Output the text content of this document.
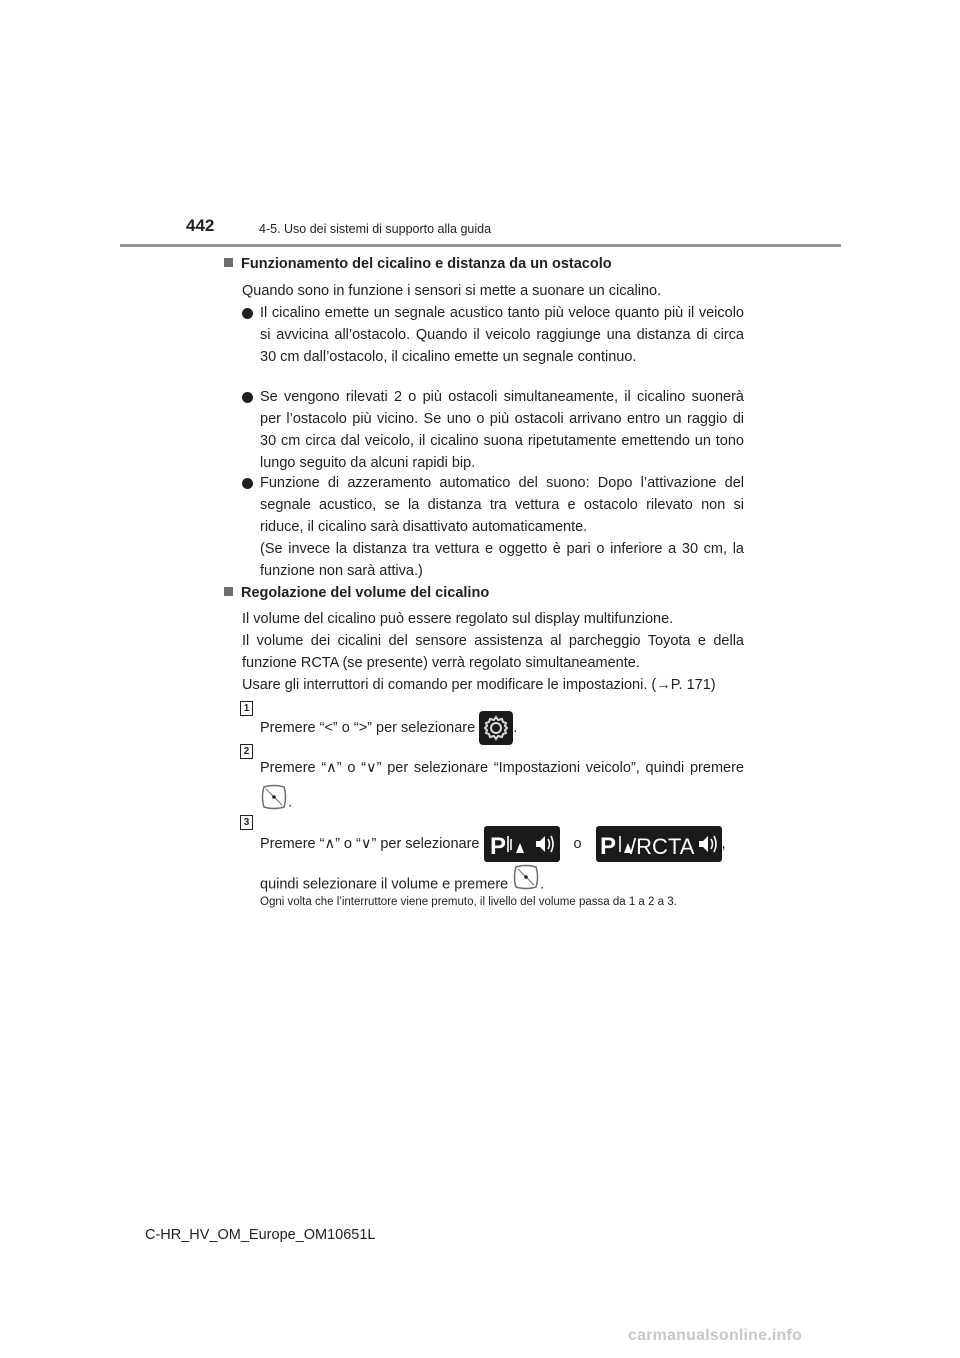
442	4-5. Uso dei sistemi di supporto alla guida
Funzionamento del cicalino e distanza da un ostacolo

Quando sono in funzione i sensori si mette a suonare un cicalino.

Il cicalino emette un segnale acustico tanto più veloce quanto più il veicolo si avvicina all’ostacolo. Quando il veicolo raggiunge una distanza di circa 30 cm dall’ostacolo, il cicalino emette un segnale continuo.
Se vengono rilevati 2 o più ostacoli simultaneamente, il cicalino suonerà per l’ostacolo più vicino. Se uno o più ostacoli arrivano entro un raggio di 30 cm circa dal veicolo, il cicalino suona ripetutamente emettendo un tono lungo seguito da alcuni rapidi bip.
Funzione di azzeramento automatico del suono: Dopo l’attivazione del segnale acustico, se la distanza tra vettura e ostacolo rilevato non si riduce, il cicalino sarà disattivato automaticamente.
(Se invece la distanza tra vettura e oggetto è pari o inferiore a 30 cm, la funzione non sarà attiva.)
Regolazione del volume del cicalino

Il volume del cicalino può essere regolato sul display multifunzione.

Il volume dei cicalini del sensore assistenza al parcheggio Toyota e della funzione RCTA (se presente) verrà regolato simultaneamente.

Usare gli interruttori di comando per modificare le impostazioni. (→P. 171)

1
Premere “<” o “>” per selezionare	.
2
Premere “∧” o “∨” per selezionare “Impostazioni veicolo”, quindi premere .
3
Premere “∧” o “∨” per selezionare P	o P /RCTA ,
quindi selezionare il volume e premere .

Ogni volta che l’interruttore viene premuto, il livello del volume passa da 1 a 2 a 3.

C-HR_HV_OM_Europe_OM10651L
carmanualsonline.info
